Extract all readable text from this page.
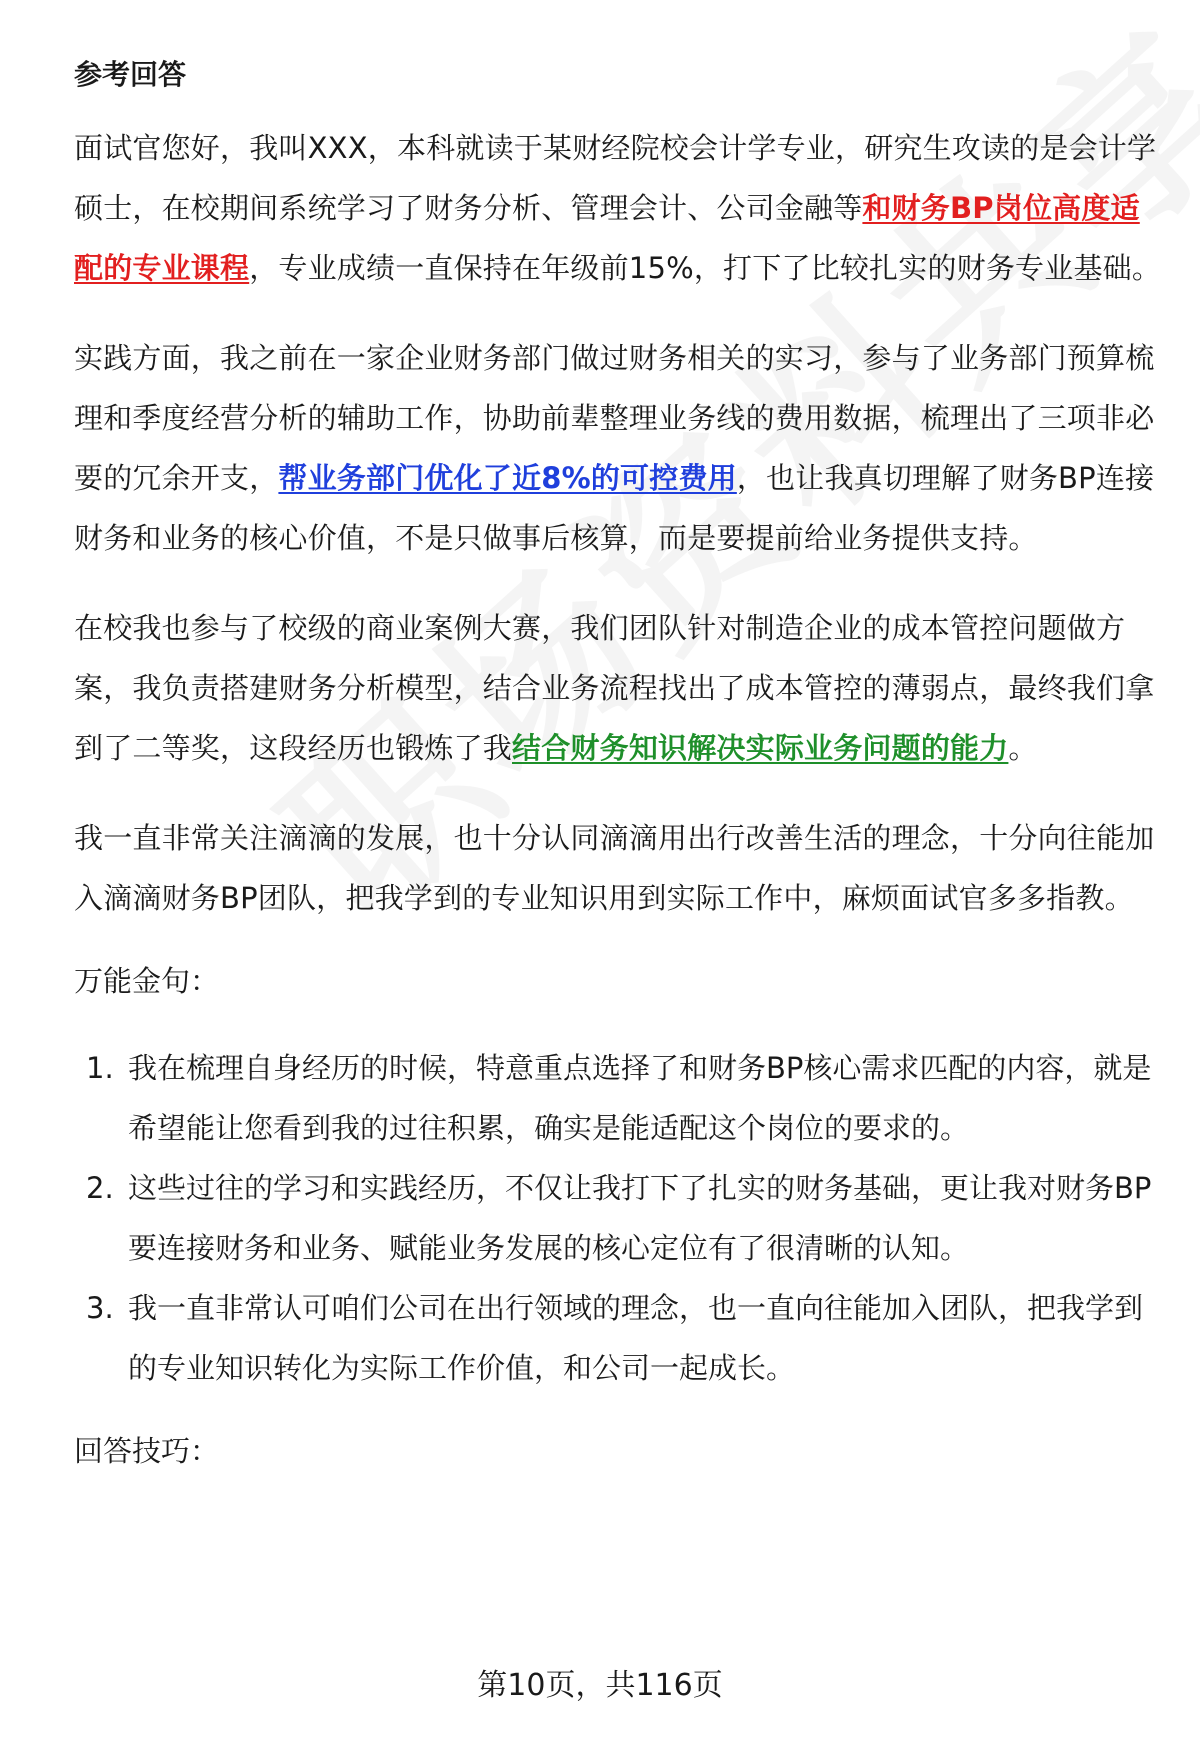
参考回答

面试官您好，我叫XXX，本科就读于某财经院校会计学专业，研究生攻读的是会计学硕士，在校期间系统学习了财务分析、管理会计、公司金融等和财务BP岗位高度适配的专业课程，专业成绩一直保持在年级前15%，打下了比较扎实的财务专业基础。

实践方面，我之前在一家企业财务部门做过财务相关的实习，参与了业务部门预算梳理和季度经营分析的辅助工作，协助前辈整理业务线的费用数据，梳理出了三项非必要的冗余开支，帮业务部门优化了近8%的可控费用，也让我真切理解了财务BP连接财务和业务的核心价值，不是只做事后核算，而是要提前给业务提供支持。

在校我也参与了校级的商业案例大赛，我们团队针对制造企业的成本管控问题做方案，我负责搭建财务分析模型，结合业务流程找出了成本管控的薄弱点，最终我们拿到了二等奖，这段经历也锻炼了我结合财务知识解决实际业务问题的能力。

我一直非常关注滴滴的发展，也十分认同滴滴用出行改善生活的理念，十分向往能加入滴滴财务BP团队，把我学到的专业知识用到实际工作中，麻烦面试官多多指教。

万能金句：
1. 我在梳理自身经历的时候，特意重点选择了和财务BP核心需求匹配的内容，就是希望能让您看到我的过往积累，确实是能适配这个岗位的要求的。
2. 这些过往的学习和实践经历，不仅让我打下了扎实的财务基础，更让我对财务BP要连接财务和业务、赋能业务发展的核心定位有了很清晰的认知。
3. 我一直非常认可咱们公司在出行领域的理念，也一直向往能加入团队，把我学到的专业知识转化为实际工作价值，和公司一起成长。
回答技巧：
第10页，共116页
